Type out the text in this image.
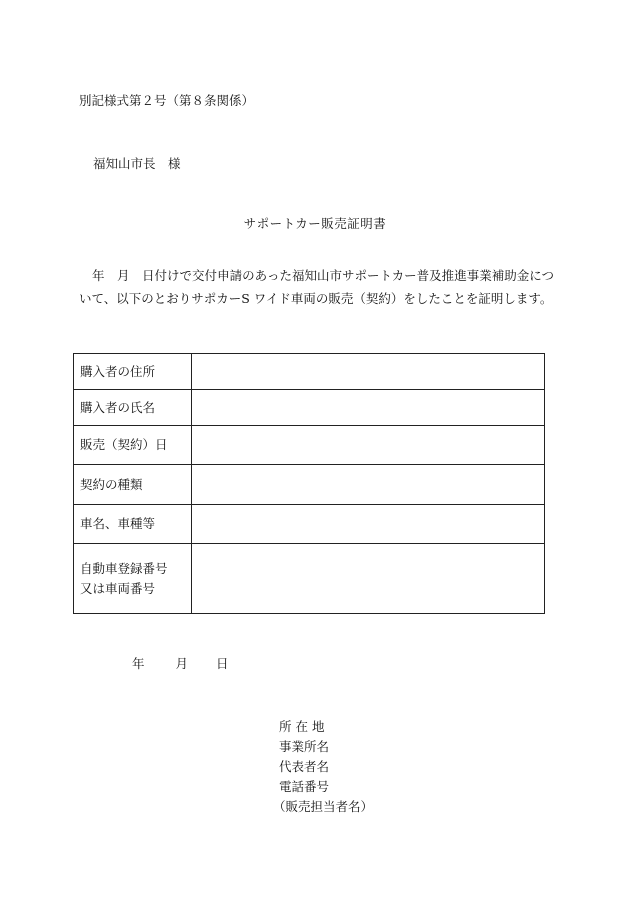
別記様式第２号（第８条関係）
福知山市長　様
サポートカー販売証明書
年　月　日付けで交付申請のあった福知山市サポートカー普及推進事業補助金について、以下のとおりサポカーS ワイド車両の販売（契約）をしたことを証明します。
購入者の住所	

購入者の氏名	

販売（契約）日	

契約の種類	

車名、車種等	

自動車登録番号
又は車両番号	

年 月 日
所 在 地
事業所名
代表者名
電話番号
（販売担当者名）
